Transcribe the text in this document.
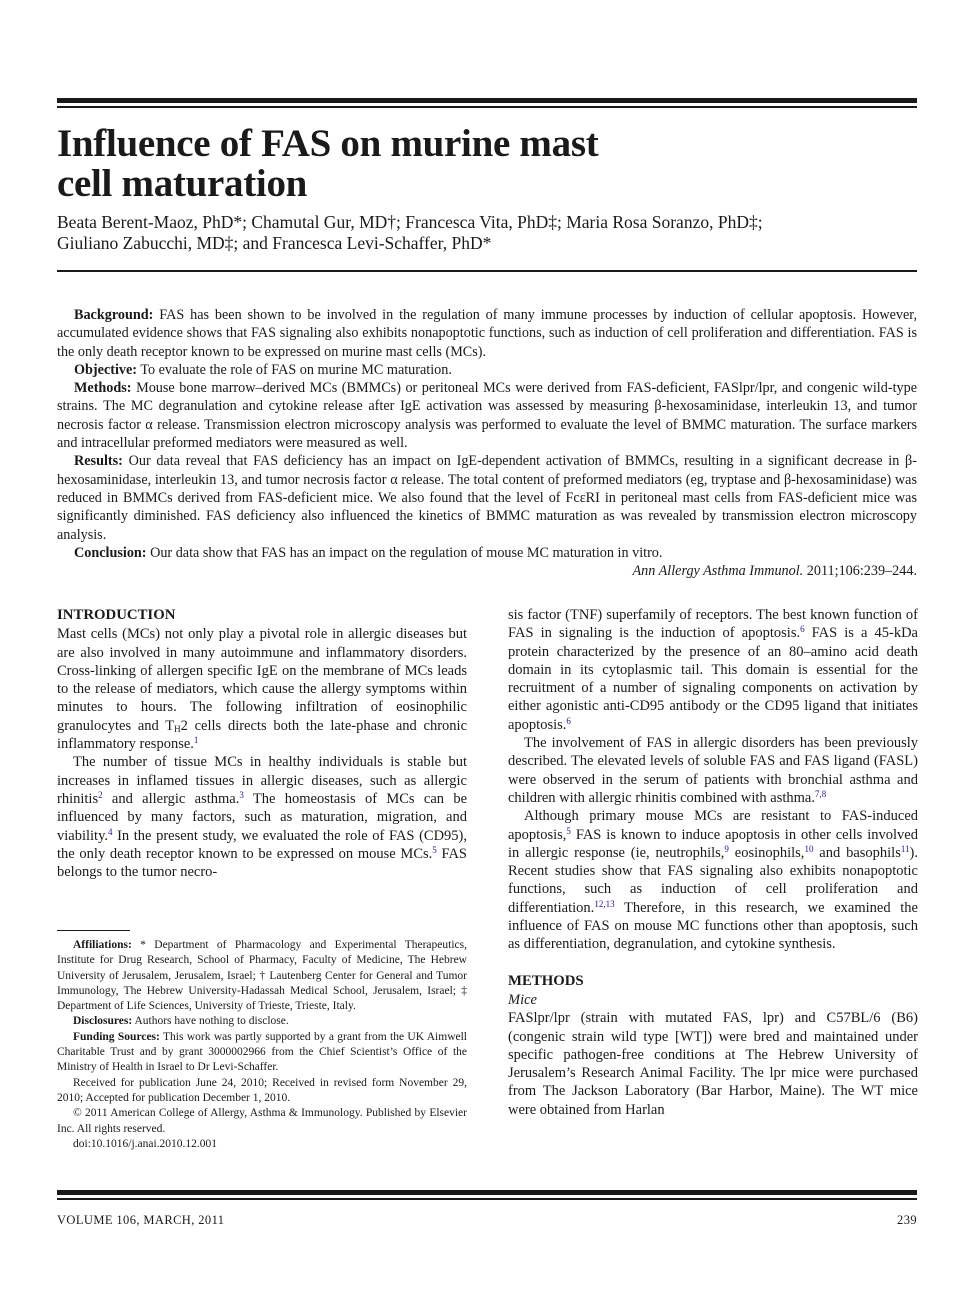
Influence of FAS on murine mast
cell maturation
Beata Berent-Maoz, PhD*; Chamutal Gur, MD†; Francesca Vita, PhD‡; Maria Rosa Soranzo, PhD‡;
Giuliano Zabucchi, MD‡; and Francesca Levi-Schaffer, PhD*

Background: FAS has been shown to be involved in the regulation of many immune processes by induction of cellular apoptosis. However, accumulated evidence shows that FAS signaling also exhibits nonapoptotic functions, such as induction of cell proliferation and differentiation. FAS is the only death receptor known to be expressed on murine mast cells (MCs).

Objective: To evaluate the role of FAS on murine MC maturation.

Methods: Mouse bone marrow–derived MCs (BMMCs) or peritoneal MCs were derived from FAS-deficient, FASlpr/lpr, and congenic wild-type strains. The MC degranulation and cytokine release after IgE activation was assessed by measuring β-hexosaminidase, interleukin 13, and tumor necrosis factor α release. Transmission electron microscopy analysis was performed to evaluate the level of BMMC maturation. The surface markers and intracellular preformed mediators were measured as well.

Results: Our data reveal that FAS deficiency has an impact on IgE-dependent activation of BMMCs, resulting in a significant decrease in β-hexosaminidase, interleukin 13, and tumor necrosis factor α release. The total content of preformed mediators (eg, tryptase and β-hexosaminidase) was reduced in BMMCs derived from FAS-deficient mice. We also found that the level of FcεRI in peritoneal mast cells from FAS-deficient mice was significantly diminished. FAS deficiency also influenced the kinetics of BMMC maturation as was revealed by transmission electron microscopy analysis.

Conclusion: Our data show that FAS has an impact on the regulation of mouse MC maturation in vitro.

Ann Allergy Asthma Immunol. 2011;106:239–244.
INTRODUCTION

Mast cells (MCs) not only play a pivotal role in allergic diseases but are also involved in many autoimmune and inflammatory disorders. Cross-linking of allergen specific IgE on the membrane of MCs leads to the release of mediators, which cause the allergy symptoms within minutes to hours. The following infiltration of eosinophilic granulocytes and $T_H2$ cells directs both the late-phase and chronic inflammatory response.$^1$

The number of tissue MCs in healthy individuals is stable but increases in inflamed tissues in allergic diseases, such as allergic rhinitis$^2$ and allergic asthma.$^3$ The homeostasis of MCs can be influenced by many factors, such as maturation, migration, and viability.$^4$ In the present study, we evaluated the role of FAS (CD95), the only death receptor known to be expressed on mouse MCs.$^5$ FAS belongs to the tumor necro-

Affiliations: * Department of Pharmacology and Experimental Therapeutics, Institute for Drug Research, School of Pharmacy, Faculty of Medicine, The Hebrew University of Jerusalem, Jerusalem, Israel; † Lautenberg Center for General and Tumor Immunology, The Hebrew University-Hadassah Medical School, Jerusalem, Israel; ‡ Department of Life Sciences, University of Trieste, Trieste, Italy.

Disclosures: Authors have nothing to disclose.

Funding Sources: This work was partly supported by a grant from the UK Aimwell Charitable Trust and by grant 3000002966 from the Chief Scientist’s Office of the Ministry of Health in Israel to Dr Levi-Schaffer.

Received for publication June 24, 2010; Received in revised form November 29, 2010; Accepted for publication December 1, 2010.

© 2011 American College of Allergy, Asthma & Immunology. Published by Elsevier Inc. All rights reserved.

doi:10.1016/j.anai.2010.12.001

sis factor (TNF) superfamily of receptors. The best known function of FAS in signaling is the induction of apoptosis.$^6$ FAS is a 45-kDa protein characterized by the presence of an 80–amino acid death domain in its cytoplasmic tail. This domain is essential for the recruitment of a number of signaling components on activation by either agonistic anti-CD95 antibody or the CD95 ligand that initiates apoptosis.$^6$

The involvement of FAS in allergic disorders has been previously described. The elevated levels of soluble FAS and FAS ligand (FASL) were observed in the serum of patients with bronchial asthma and children with allergic rhinitis combined with asthma.$^{7,8}$

Although primary mouse MCs are resistant to FAS-induced apoptosis,$^5$ FAS is known to induce apoptosis in other cells involved in allergic response (ie, neutrophils,$^9$ eosinophils,$^{10}$ and basophils$^{11}$). Recent studies show that FAS signaling also exhibits nonapoptotic functions, such as induction of cell proliferation and differentiation.$^{12,13}$ Therefore, in this research, we examined the influence of FAS on mouse MC functions other than apoptosis, such as differentiation, degranulation, and cytokine synthesis.

METHODS

Mice

FASlpr/lpr (strain with mutated FAS, lpr) and C57BL/6 (B6) (congenic strain wild type [WT]) were bred and maintained under specific pathogen-free conditions at The Hebrew University of Jerusalem’s Research Animal Facility. The lpr mice were purchased from The Jackson Laboratory (Bar Harbor, Maine). The WT mice were obtained from Harlan

VOLUME 106, MARCH, 2011	239
